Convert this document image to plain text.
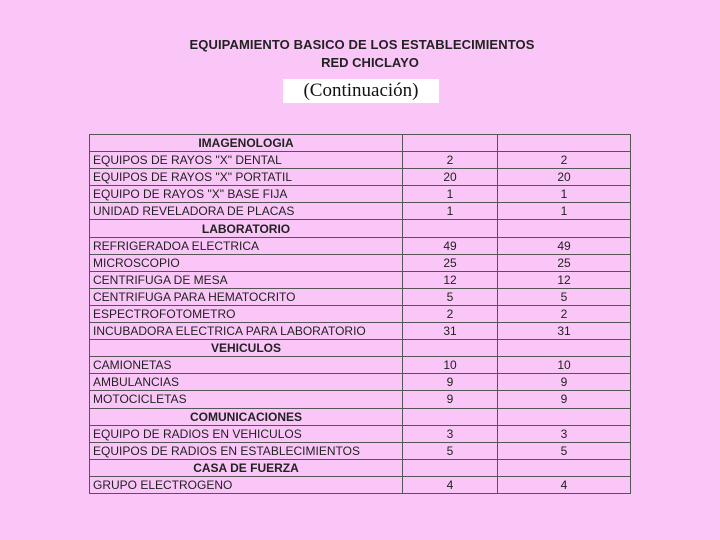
EQUIPAMIENTO BASICO DE LOS ESTABLECIMIENTOS
RED CHICLAYO
(Continuación)
IMAGENOLOGIA		
EQUIPOS DE RAYOS "X" DENTAL	2	2
EQUIPOS DE RAYOS "X" PORTATIL	20	20
EQUIPO DE RAYOS "X" BASE FIJA	1	1
UNIDAD REVELADORA DE PLACAS	1	1
LABORATORIO		
REFRIGERADOA ELECTRICA	49	49
MICROSCOPIO	25	25
CENTRIFUGA DE MESA	12	12
CENTRIFUGA PARA HEMATOCRITO	5	5
ESPECTROFOTOMETRO	2	2
INCUBADORA ELECTRICA PARA LABORATORIO	31	31
VEHICULOS		
CAMIONETAS	10	10
AMBULANCIAS	9	9
MOTOCICLETAS	9	9
COMUNICACIONES		
EQUIPO DE RADIOS EN VEHICULOS	3	3
EQUIPOS DE RADIOS EN ESTABLECIMIENTOS	5	5
CASA DE FUERZA		
GRUPO ELECTROGENO	4	4
